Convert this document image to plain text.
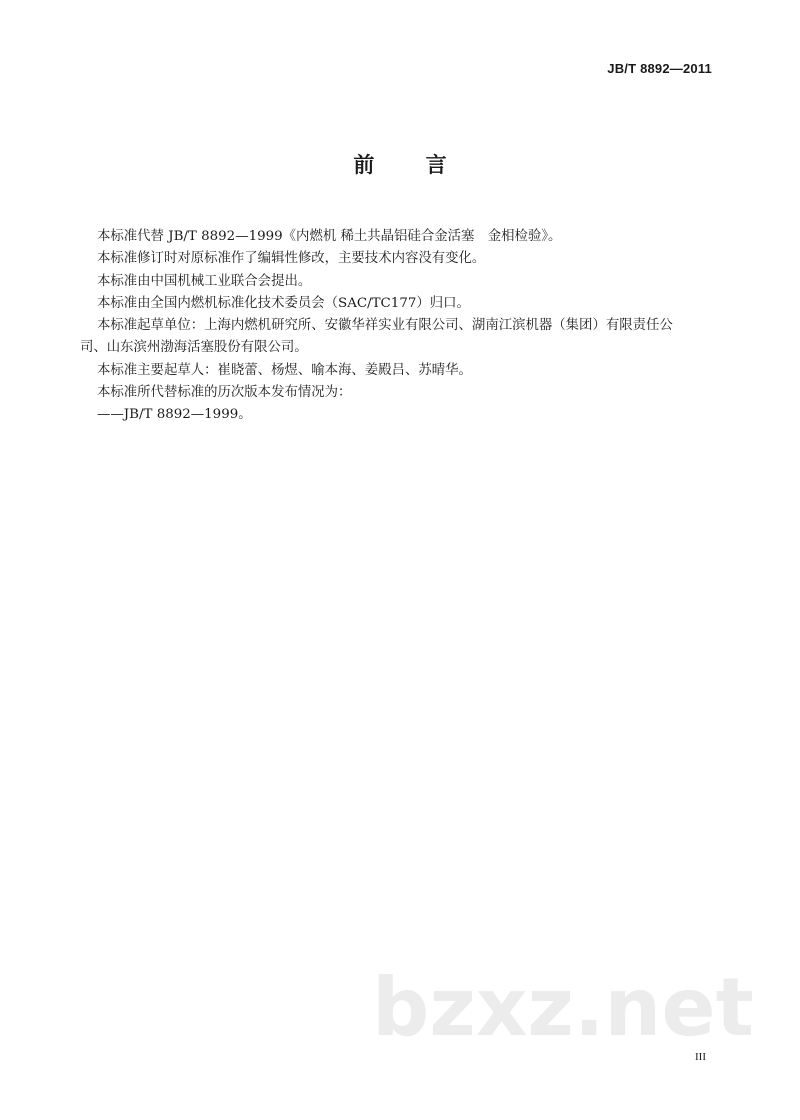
JB/T 8892—2011
前 言
本标准代替 JB/T 8892—1999《内燃机 稀土共晶铝硅合金活塞　金相检验》。
本标准修订时对原标准作了编辑性修改，主要技术内容没有变化。
本标准由中国机械工业联合会提出。
本标准由全国内燃机标准化技术委员会（SAC/TC177）归口。
本标准起草单位：上海内燃机研究所、安徽华祥实业有限公司、湖南江滨机器（集团）有限责任公
司、山东滨州渤海活塞股份有限公司。
本标准主要起草人：崔晓蕾、杨煜、喻本海、姜殿吕、苏晴华。
本标准所代替标准的历次版本发布情况为：
——JB/T 8892—1999。
bzxz.net
III
